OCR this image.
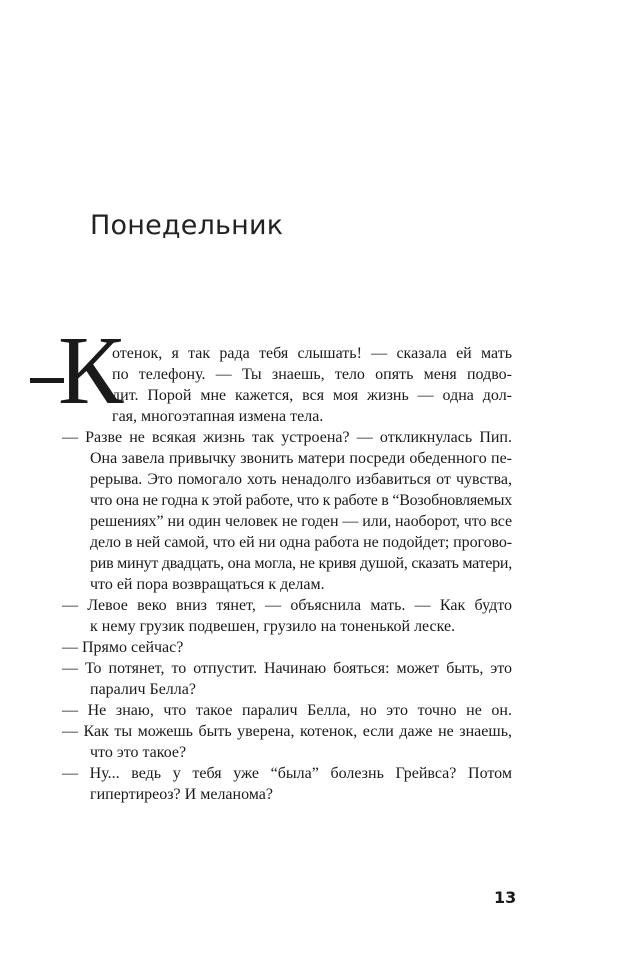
Понедельник
К
отенок, я так рада тебя слышать! — сказала ей мать
по телефону. — Ты знаешь, тело опять меня подво-
дит. Порой мне кажется, вся моя жизнь — одна дол-
гая, многоэтапная измена тела.
— Разве не всякая жизнь так устроена? — откликнулась Пип.
Она завела привычку звонить матери посреди обеденного пе-
рерыва. Это помогало хоть ненадолго избавиться от чувства,
что она не годна к этой работе, что к работе в “Возобновляемых
решениях” ни один человек не годен — или, наоборот, что все
дело в ней самой, что ей ни одна работа не подойдет; прогово-
рив минут двадцать, она могла, не кривя душой, сказать матери,
что ей пора возвращаться к делам.
— Левое веко вниз тянет, — объяснила мать. — Как будто
к нему грузик подвешен, грузило на тоненькой леске.
— Прямо сейчас?
— То потянет, то отпустит. Начинаю бояться: может быть, это
паралич Белла?
— Не знаю, что такое паралич Белла, но это точно не он.
— Как ты можешь быть уверена, котенок, если даже не знаешь,
что это такое?
— Ну... ведь у тебя уже “была” болезнь Грейвса? Потом
гипертиреоз? И меланома?
13
